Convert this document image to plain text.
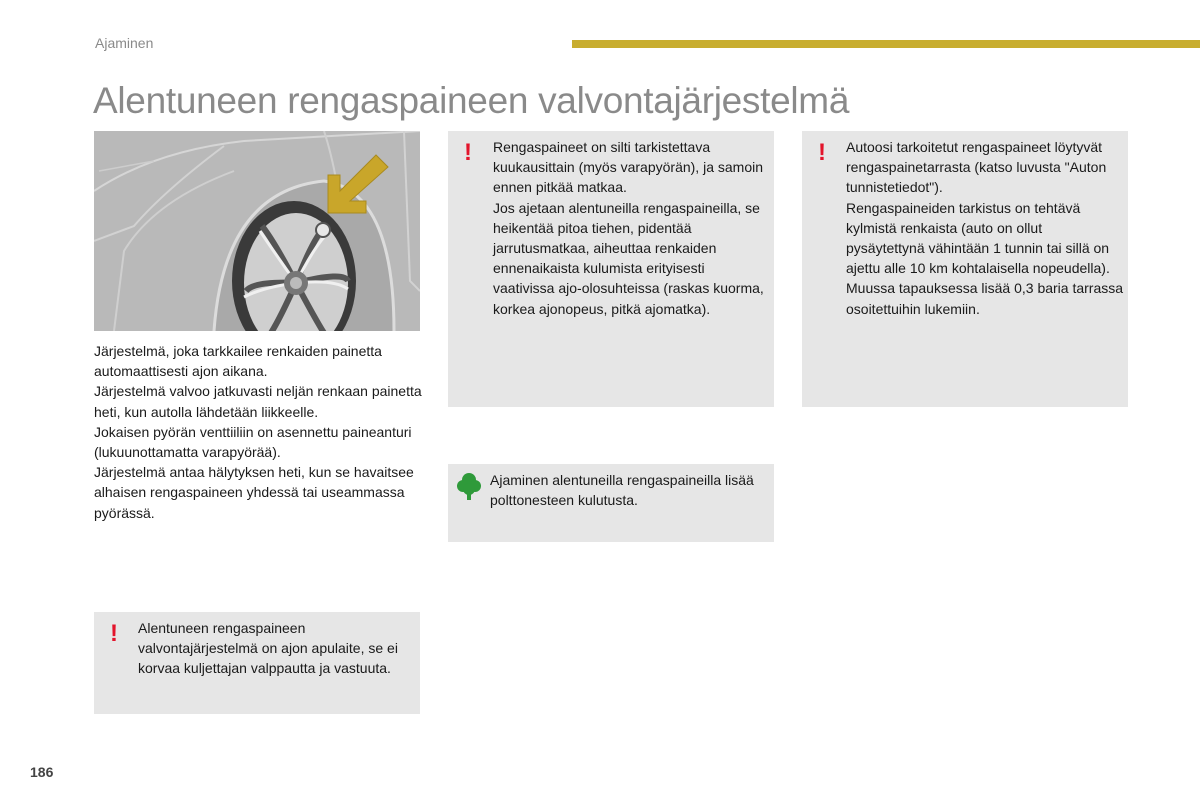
Ajaminen
Alentuneen rengaspaineen valvontajärjestelmä

Järjestelmä, joka tarkkailee renkaiden painetta automaattisesti ajon aikana.
Järjestelmä valvoo jatkuvasti neljän renkaan painetta heti, kun autolla lähdetään liikkeelle.
Jokaisen pyörän venttiiliin on asennettu paineanturi (lukuunottamatta varapyörää).
Järjestelmä antaa hälytyksen heti, kun se havaitsee alhaisen rengaspaineen yhdessä tai useammassa pyörässä.

! Alentuneen rengaspaineen valvontajärjestelmä on ajon apulaite, se ei korvaa kuljettajan valppautta ja vastuuta.

! Rengaspaineet on silti tarkistettava kuukausittain (myös varapyörän), ja samoin ennen pitkää matkaa.
Jos ajetaan alentuneilla rengaspaineilla, se heikentää pitoa tiehen, pidentää jarrutusmatkaa, aiheuttaa renkaiden ennenaikaista kulumista erityisesti vaativissa ajo-olosuhteissa (raskas kuorma, korkea ajonopeus, pitkä ajomatka).

! Autoosi tarkoitetut rengaspaineet löytyvät rengaspainetarrasta (katso luvusta "Auton tunnistetiedot").
Rengaspaineiden tarkistus on tehtävä kylmistä renkaista (auto on ollut pysäytettynä vähintään 1 tunnin tai sillä on ajettu alle 10 km kohtalaisella nopeudella). Muussa tapauksessa lisää 0,3 baria tarrassa osoitettuihin lukemiin.

Ajaminen alentuneilla rengaspaineilla lisää polttonesteen kulutusta.

186
